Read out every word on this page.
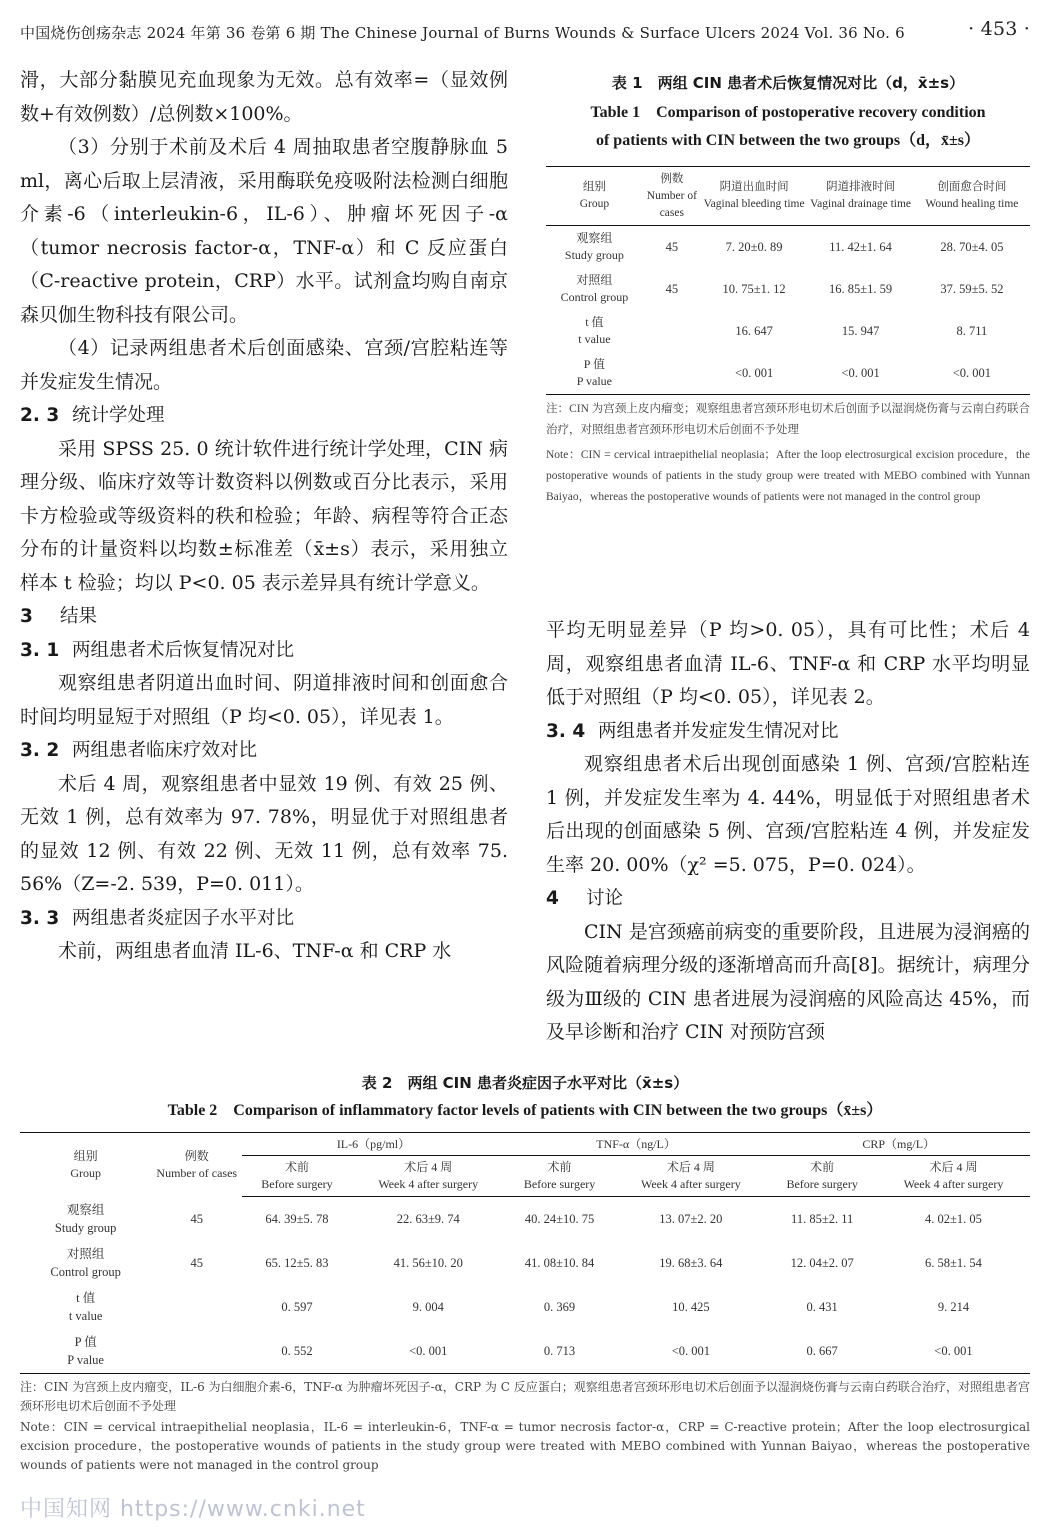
中国烧伤创疡杂志 2024 年第 36 卷第 6 期 The Chinese Journal of Burns Wounds & Surface Ulcers 2024 Vol. 36 No. 6	· 453 ·

滑，大部分黏膜见充血现象为无效。总有效率=（显效例数+有效例数）/总例数×100%。

（3）分别于术前及术后 4 周抽取患者空腹静脉血 5 ml，离心后取上层清液，采用酶联免疫吸附法检测白细胞介素-6（interleukin-6，IL-6）、肿瘤坏死因子-α（tumor necrosis factor-α，TNF-α）和 C 反应蛋白（C-reactive protein，CRP）水平。试剂盒均购自南京森贝伽生物科技有限公司。

（4）记录两组患者术后创面感染、宫颈/宫腔粘连等并发症发生情况。

2. 3 统计学处理

采用 SPSS 25. 0 统计软件进行统计学处理，CIN 病理分级、临床疗效等计数资料以例数或百分比表示，采用卡方检验或等级资料的秩和检验；年龄、病程等符合正态分布的计量资料以均数±标准差（x̄±s）表示，采用独立样本 t 检验；均以 P<0. 05 表示差异具有统计学意义。

3 结果

3. 1 两组患者术后恢复情况对比

观察组患者阴道出血时间、阴道排液时间和创面愈合时间均明显短于对照组（P 均<0. 05），详见表 1。

3. 2 两组患者临床疗效对比

术后 4 周，观察组患者中显效 19 例、有效 25 例、无效 1 例，总有效率为 97. 78%，明显优于对照组患者的显效 12 例、有效 22 例、无效 11 例，总有效率 75. 56%（Z=-2. 539，P=0. 011）。

3. 3 两组患者炎症因子水平对比

术前，两组患者血清 IL-6、TNF-α 和 CRP 水

表 1　两组 CIN 患者术后恢复情况对比（d，x̄±s）
Table 1　Comparison of postoperative recovery condition
of patients with CIN between the two groups（d，x̄±s）
组别
Group	例数
Number of cases	阴道出血时间
Vaginal bleeding time	阴道排液时间
Vaginal drainage time	创面愈合时间
Wound healing time

观察组
Study group	45	7. 20±0. 89	11. 42±1. 64	28. 70±4. 05

对照组
Control group	45	10. 75±1. 12	16. 85±1. 59	37. 59±5. 52

t 值
t value		16. 647	15. 947	8. 711

P 值
P value		<0. 001	<0. 001	<0. 001

注：CIN 为宫颈上皮内瘤变；观察组患者宫颈环形电切术后创面予以湿润烧伤膏与云南白药联合治疗，对照组患者宫颈环形电切术后创面不予处理

Note：CIN = cervical intraepithelial neoplasia；After the loop electrosurgical excision procedure，the postoperative wounds of patients in the study group were treated with MEBO combined with Yunnan Baiyao，whereas the postoperative wounds of patients were not managed in the control group

平均无明显差异（P 均>0. 05），具有可比性；术后 4 周，观察组患者血清 IL-6、TNF-α 和 CRP 水平均明显低于对照组（P 均<0. 05），详见表 2。

3. 4 两组患者并发症发生情况对比

观察组患者术后出现创面感染 1 例、宫颈/宫腔粘连 1 例，并发症发生率为 4. 44%，明显低于对照组患者术后出现的创面感染 5 例、宫颈/宫腔粘连 4 例，并发症发生率 20. 00%（χ² =5. 075，P=0. 024）。

4 讨论

CIN 是宫颈癌前病变的重要阶段，且进展为浸润癌的风险随着病理分级的逐渐增高而升高[8]。据统计，病理分级为Ⅲ级的 CIN 患者进展为浸润癌的风险高达 45%，而及早诊断和治疗 CIN 对预防宫颈

表 2　两组 CIN 患者炎症因子水平对比（x̄±s）
Table 2　Comparison of inflammatory factor levels of patients with CIN between the two groups（x̄±s）
组别
Group	例数
Number of cases	IL-6（pg/ml）		TNF-α（ng/L）		CRP（mg/L）	

		术前
Before surgery	术后 4 周
Week 4 after surgery	术前
Before surgery	术后 4 周
Week 4 after surgery	术前
Before surgery	术后 4 周
Week 4 after surgery

观察组
Study group	45	64. 39±5. 78	22. 63±9. 74	40. 24±10. 75	13. 07±2. 20	11. 85±2. 11	4. 02±1. 05

对照组
Control group	45	65. 12±5. 83	41. 56±10. 20	41. 08±10. 84	19. 68±3. 64	12. 04±2. 07	6. 58±1. 54

t 值
t value		0. 597	9. 004	0. 369	10. 425	0. 431	9. 214

P 值
P value		0. 552	<0. 001	0. 713	<0. 001	0. 667	<0. 001

注：CIN 为宫颈上皮内瘤变，IL-6 为白细胞介素-6，TNF-α 为肿瘤坏死因子-α，CRP 为 C 反应蛋白；观察组患者宫颈环形电切术后创面予以湿润烧伤膏与云南白药联合治疗，对照组患者宫颈环形电切术后创面不予处理

Note：CIN = cervical intraepithelial neoplasia，IL-6 = interleukin-6，TNF-α = tumor necrosis factor-α，CRP = C-reactive protein；After the loop electrosurgical excision procedure，the postoperative wounds of patients in the study group were treated with MEBO combined with Yunnan Baiyao，whereas the postoperative wounds of patients were not managed in the control group

中国知网 https://www.cnki.net
